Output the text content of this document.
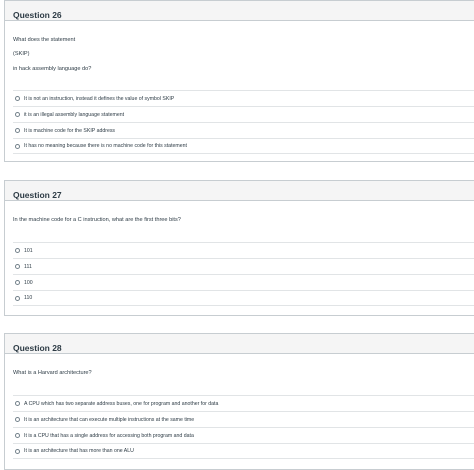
Question 26
What does the statement
(SKIP)
in hack assembly language do?
It is not an instruction, instead it defines the value of symbol SKIP
it is an illegal assembly language statement
It is machine code for the SKIP address
It has no meaning because there is no machine code for this statement
Question 27
In the machine code for a C instruction, what are the first three bits?
101
111
100
110
Question 28
What is a Harvard architecture?
A CPU which has two separate address buses, one for program and another for data
It is an architecture that can execute multiple instructions at the same time
It is a CPU that has a single address for accessing both program and data
It is an architecture that has more than one ALU
